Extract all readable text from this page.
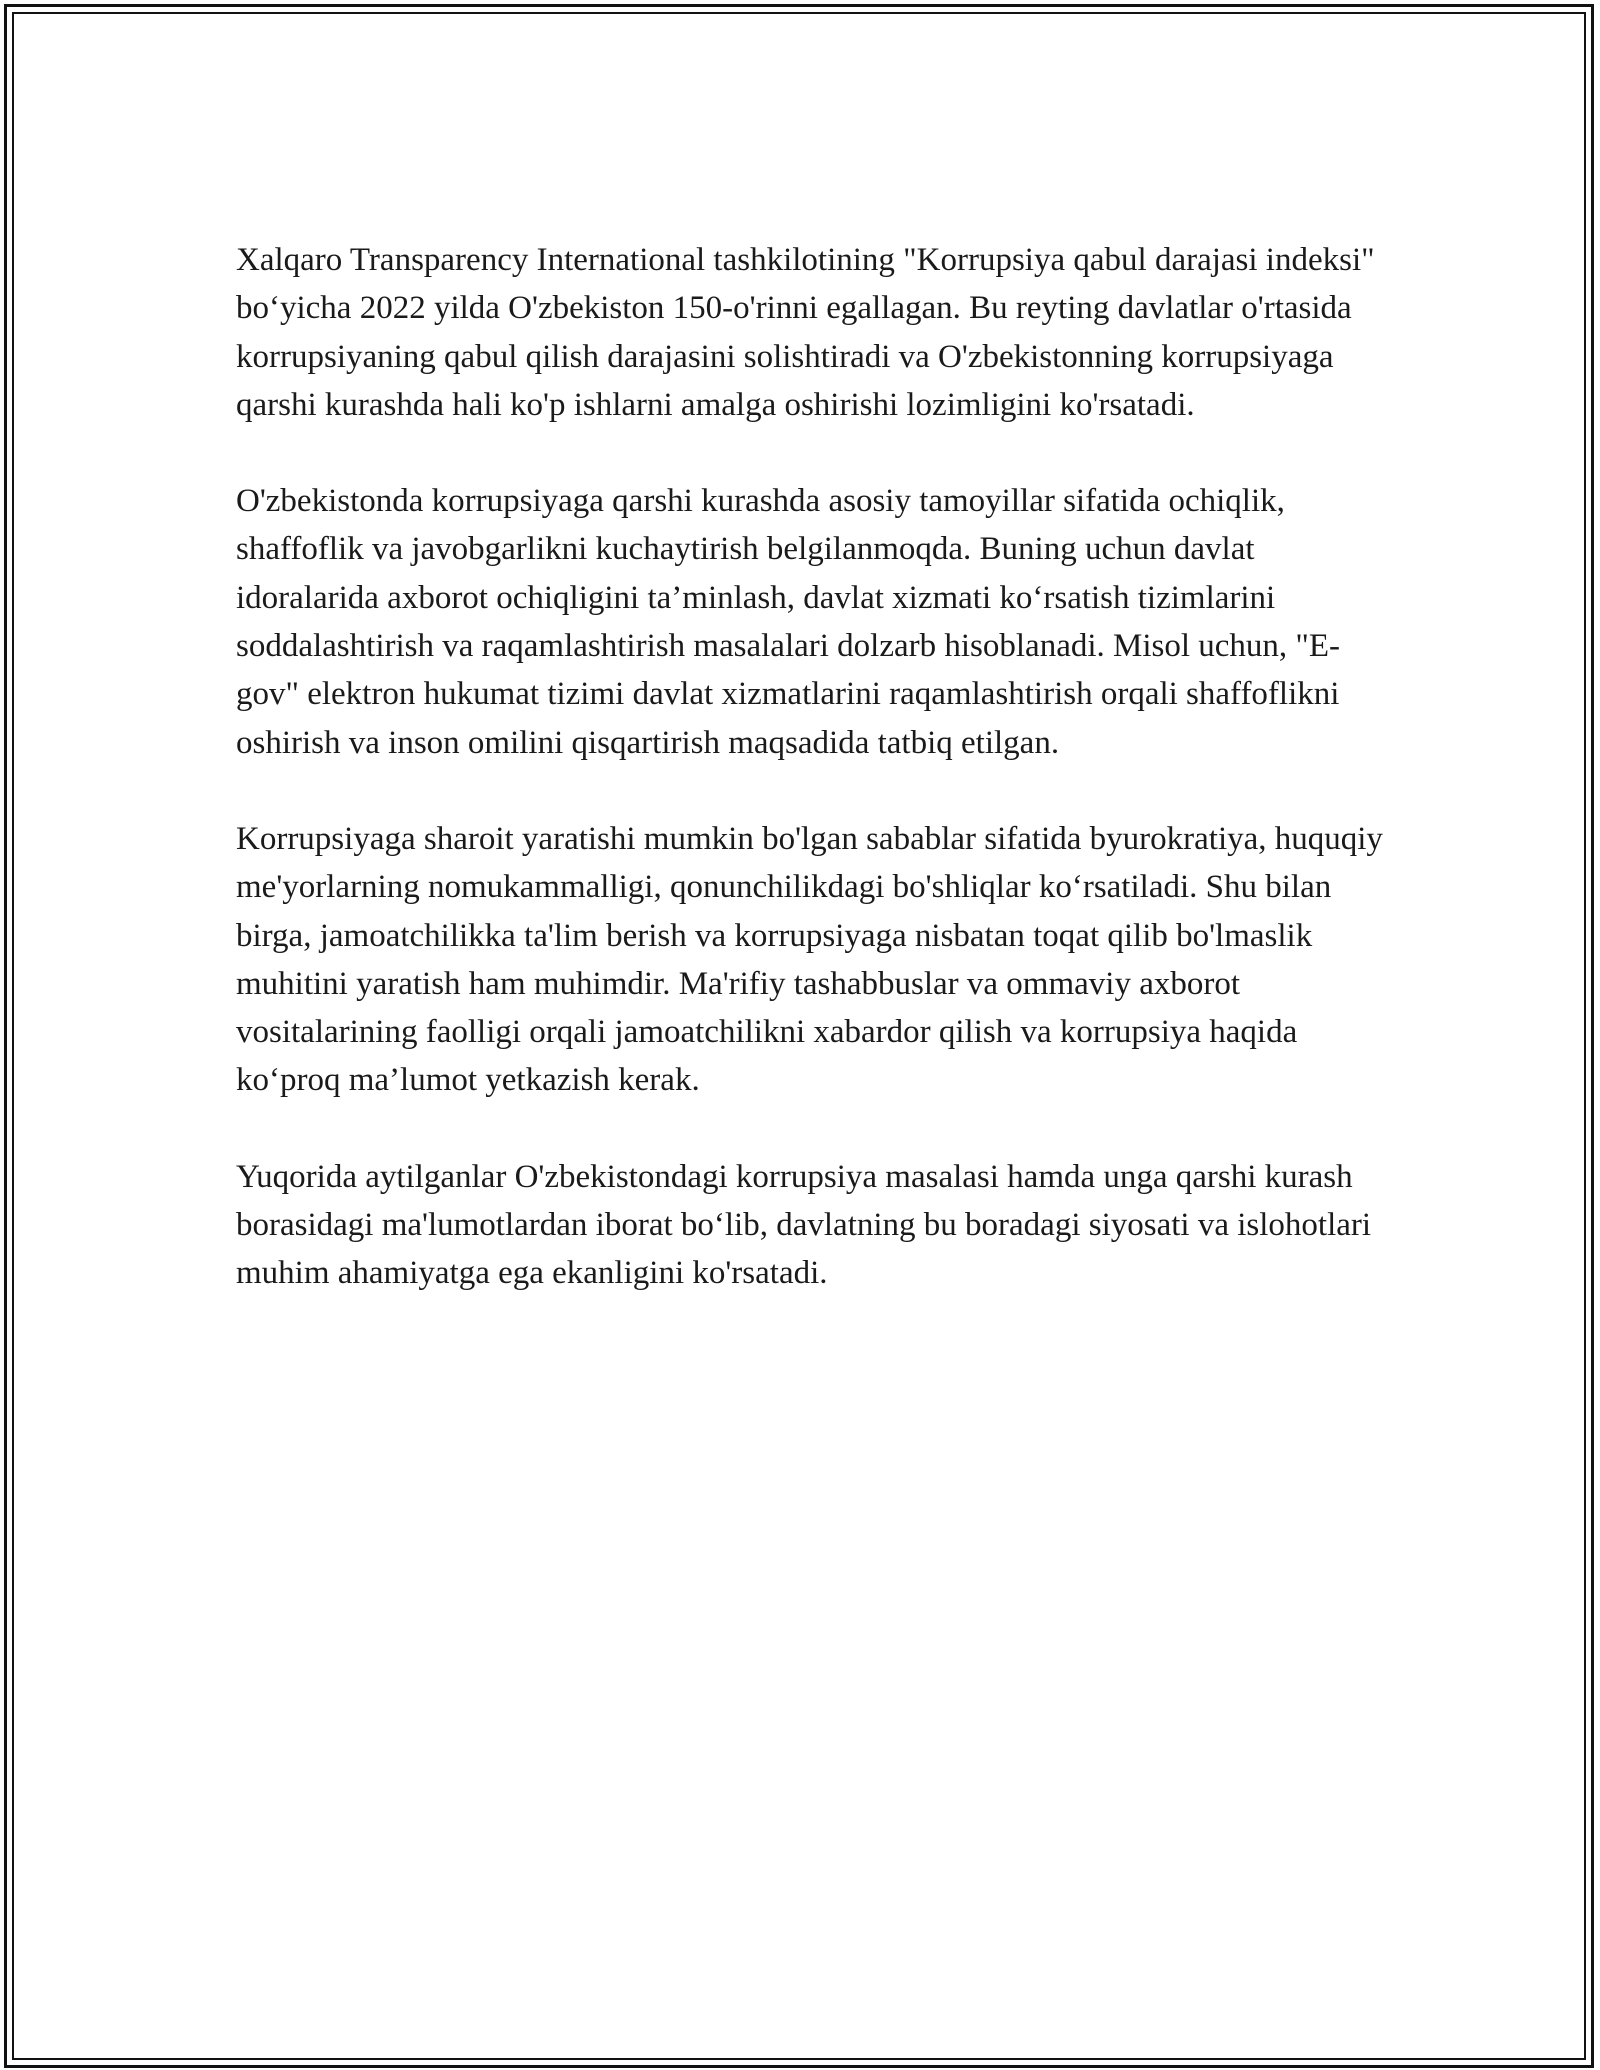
Xalqaro Transparency International tashkilotining "Korrupsiya qabul darajasi indeksi" bo‘yicha 2022 yilda O'zbekiston 150-o'rinni egallagan. Bu reyting davlatlar o'rtasida korrupsiyaning qabul qilish darajasini solishtiradi va O'zbekistonning korrupsiyaga qarshi kurashda hali ko'p ishlarni amalga oshirishi lozimligini ko'rsatadi.

O'zbekistonda korrupsiyaga qarshi kurashda asosiy tamoyillar sifatida ochiqlik, shaffoflik va javobgarlikni kuchaytirish belgilanmoqda. Buning uchun davlat idoralarida axborot ochiqligini ta’minlash, davlat xizmati ko‘rsatish tizimlarini soddalashtirish va raqamlashtirish masalalari dolzarb hisoblanadi. Misol uchun, "E-gov" elektron hukumat tizimi davlat xizmatlarini raqamlashtirish orqali shaffoflikni oshirish va inson omilini qisqartirish maqsadida tatbiq etilgan.

Korrupsiyaga sharoit yaratishi mumkin bo'lgan sabablar sifatida byurokratiya, huquqiy me'yorlarning nomukammalligi, qonunchilikdagi bo'shliqlar ko‘rsatiladi. Shu bilan birga, jamoatchilikka ta'lim berish va korrupsiyaga nisbatan toqat qilib bo'lmaslik muhitini yaratish ham muhimdir. Ma'rifiy tashabbuslar va ommaviy axborot vositalarining faolligi orqali jamoatchilikni xabardor qilish va korrupsiya haqida ko‘proq ma’lumot yetkazish kerak.

Yuqorida aytilganlar O'zbekistondagi korrupsiya masalasi hamda unga qarshi kurash borasidagi ma'lumotlardan iborat bo‘lib, davlatning bu boradagi siyosati va islohotlari muhim ahamiyatga ega ekanligini ko'rsatadi.
